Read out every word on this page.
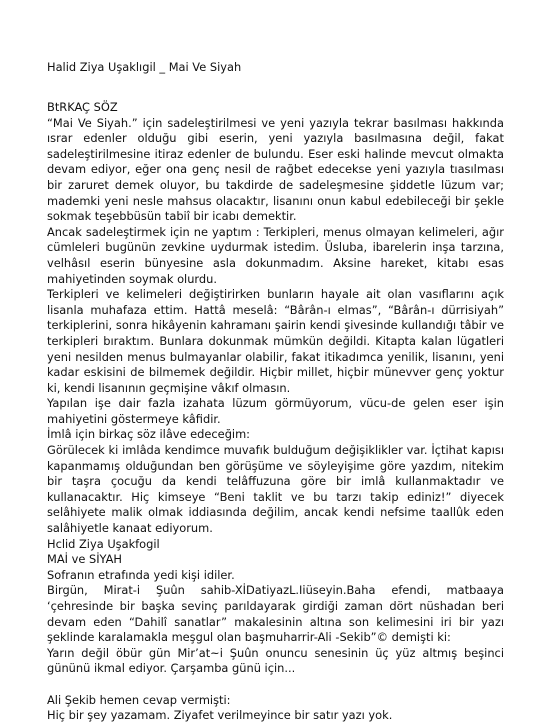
Halid Ziya Uşaklıgil _ Mai Ve Siyah

BtRKAÇ SÖZ

“Mai Ve Siyah.” için sadeleştirilmesi ve yeni yazıyla tekrar basılması hakkında ısrar edenler olduğu gibi eserin, yeni yazıyla basılmasına değil, fakat sadeleştirilmesine itiraz edenler de bulundu. Eser eski halinde mevcut olmakta devam ediyor, eğer ona genç nesil de rağbet edecekse yeni yazıyla tıasılması bir zaruret demek oluyor, bu takdirde de sadeleşmesine şiddetle lüzum var; mademki yeni nesle mahsus olacaktır, lisanını onun kabul edebileceği bir şekle sokmak teşebbüsün tabiî bir icabı demektir.

Ancak sadeleştirmek için ne yaptım : Terkipleri, menus olmayan kelimeleri, ağır cümleleri bugünün zevkine uydurmak istedim. Üsluba, ibarelerin inşa tarzına, velhâsıl eserin bünyesine asla dokunmadım. Aksine hareket, kitabı esas mahiyetinden soymak olurdu.

Terkipleri ve kelimeleri değiştirirken bunların hayale ait olan vasıflarını açık lisanla muhafaza ettim. Hattâ meselâ: “Bârân-ı elmas”, “Bârân-ı dürrisiyah” terkiplerini, sonra hikâyenin kahramanı şairin kendi şivesinde kullandığı tâbir ve terkipleri bıraktım. Bunlara dokunmak mümkün değildi. Kitapta kalan lügatleri yeni nesilden menus bulmayanlar olabilir, fakat itikadımca yenilik, lisanını, yeni kadar eskisini de bilmemek değildir. Hiçbir millet, hiçbir münevver genç yoktur ki, kendi lisanının geçmişine vâkıf olmasın.

Yapılan işe dair fazla izahata lüzum görmüyorum, vücu-de gelen eser işin mahiyetini göstermeye kâfidir.

İmlâ için birkaç söz ilâve edeceğim:

Görülecek ki imlâda kendimce muvafık bulduğum değişiklikler var. İçtihat kapısı kapanmamış olduğundan ben görüşüme ve söyleyişime göre yazdım, nitekim bir taşra çocuğu da kendi telâffuzuna göre bir imlâ kullanmaktadır ve kullanacaktır. Hiç kimseye “Beni taklit ve bu tarzı takip ediniz!” diyecek selâhiyete malik olmak iddiasında değilim, ancak kendi nefsime taallûk eden salâhiyetle kanaat ediyorum.

Hclid Ziya Uşakfogil

MAİ ve SİYAH

Sofranın etrafında yedi kişi idiler.

Birgün, Mirat-i Şuûn sahib-XİDatiyazL.Iiüseyin.Baha efendi, matbaaya ‘çehresinde bir başka sevinç parıldayarak girdiği zaman dört nüshadan beri devam eden “Dahilî sanatlar” makalesinin altına son kelimesini iri bir yazı şeklinde karalamakla meşgul olan başmuharrir-Ali -Sekib”© demişti ki:

Yarın değil öbür gün Mir’at~i Şuûn onuncu senesinin üç yüz altmış beşinci gününü ikmal ediyor. Çarşamba günü için...

Ali Şekib hemen cevap vermişti:

Hiç bir şey yazamam. Ziyafet verilmeyince bir satır yazı yok.
